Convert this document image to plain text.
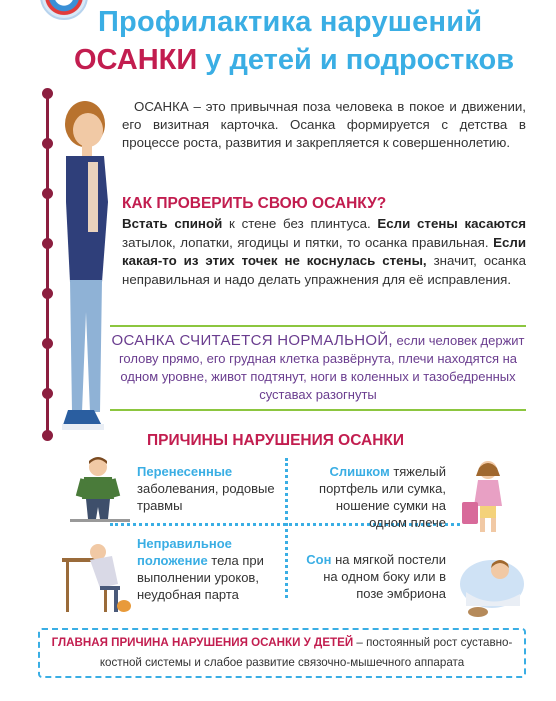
Профилактика нарушений
ОСАНКИ у детей и подростков
ОСАНКА – это привычная поза человека в покое и движении, его визитная карточка. Осанка формируется с детства в процессе роста, развития и закрепляется к совершеннолетию.
КАК ПРОВЕРИТЬ СВОЮ ОСАНКУ?
Встать спиной к стене без плинтуса. Если стены касаются затылок, лопатки, ягодицы и пятки, то осанка правильная. Если какая-то из этих точек не коснулась стены, значит, осанка неправильная и надо делать упражнения для её исправления.
ОСАНКА СЧИТАЕТСЯ НОРМАЛЬНОЙ, если человек держит голову прямо, его грудная клетка развёрнута, плечи находятся на одном уровне, живот подтянут, ноги в коленных и тазобедренных суставах разогнуты
ПРИЧИНЫ НАРУШЕНИЯ ОСАНКИ
Перенесенные заболевания, родовые травмы
Неправильное положение тела при выполнении уроков, неудобная парта
Слишком тяжелый портфель или сумка, ношение сумки на одном плече
Сон на мягкой постели на одном боку или в позе эмбриона
ГЛАВНАЯ ПРИЧИНА НАРУШЕНИЯ ОСАНКИ У ДЕТЕЙ – постоянный рост суставно-костной системы и слабое развитие связочно-мышечного аппарата
